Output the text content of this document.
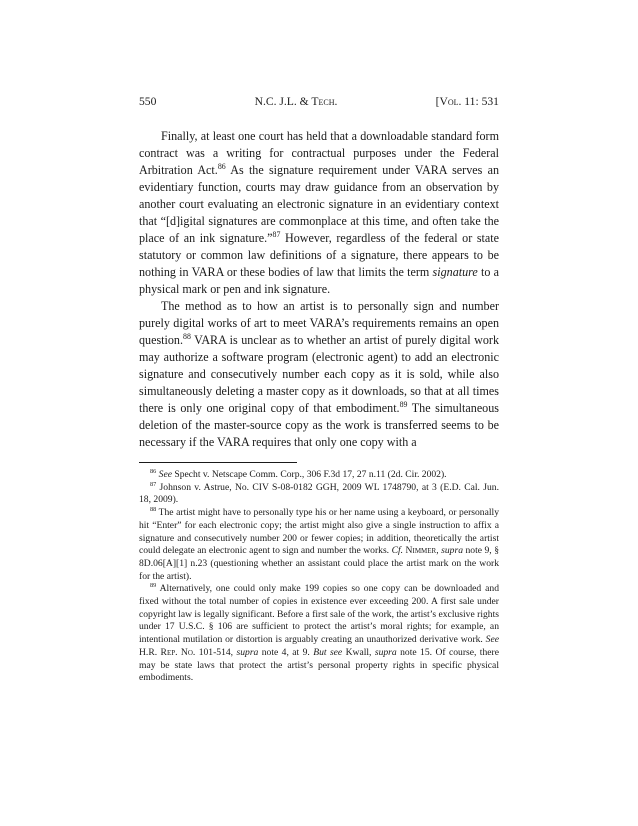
550	N.C. J.L. & Tech.	[Vol. 11: 531

Finally, at least one court has held that a downloadable standard form contract was a writing for contractual purposes under the Federal Arbitration Act.$^{86}$ As the signature requirement under VARA serves an evidentiary function, courts may draw guidance from an observation by another court evaluating an electronic signature in an evidentiary context that “[d]igital signatures are commonplace at this time, and often take the place of an ink signature.”$^{87}$ However, regardless of the federal or state statutory or common law definitions of a signature, there appears to be nothing in VARA or these bodies of law that limits the term signature to a physical mark or pen and ink signature.

The method as to how an artist is to personally sign and number purely digital works of art to meet VARA’s requirements remains an open question.$^{88}$ VARA is unclear as to whether an artist of purely digital work may authorize a software program (electronic agent) to add an electronic signature and consecutively number each copy as it is sold, while also simultaneously deleting a master copy as it downloads, so that at all times there is only one original copy of that embodiment.$^{89}$ The simultaneous deletion of the master-source copy as the work is transferred seems to be necessary if the VARA requires that only one copy with a

$^{86}$ See Specht v. Netscape Comm. Corp., 306 F.3d 17, 27 n.11 (2d. Cir. 2002).

$^{87}$ Johnson v. Astrue, No. CIV S-08-0182 GGH, 2009 WL 1748790, at 3 (E.D. Cal. Jun. 18, 2009).

$^{88}$ The artist might have to personally type his or her name using a keyboard, or personally hit “Enter” for each electronic copy; the artist might also give a single instruction to affix a signature and consecutively number 200 or fewer copies; in addition, theoretically the artist could delegate an electronic agent to sign and number the works. Cf. Nimmer, supra note 9, § 8D.06[A][1] n.23 (questioning whether an assistant could place the artist mark on the work for the artist).

$^{89}$ Alternatively, one could only make 199 copies so one copy can be downloaded and fixed without the total number of copies in existence ever exceeding 200. A first sale under copyright law is legally significant. Before a first sale of the work, the artist’s exclusive rights under 17 U.S.C. § 106 are sufficient to protect the artist’s moral rights; for example, an intentional mutilation or distortion is arguably creating an unauthorized derivative work. See H.R. Rep. No. 101-514, supra note 4, at 9. But see Kwall, supra note 15. Of course, there may be state laws that protect the artist’s personal property rights in specific physical embodiments.
